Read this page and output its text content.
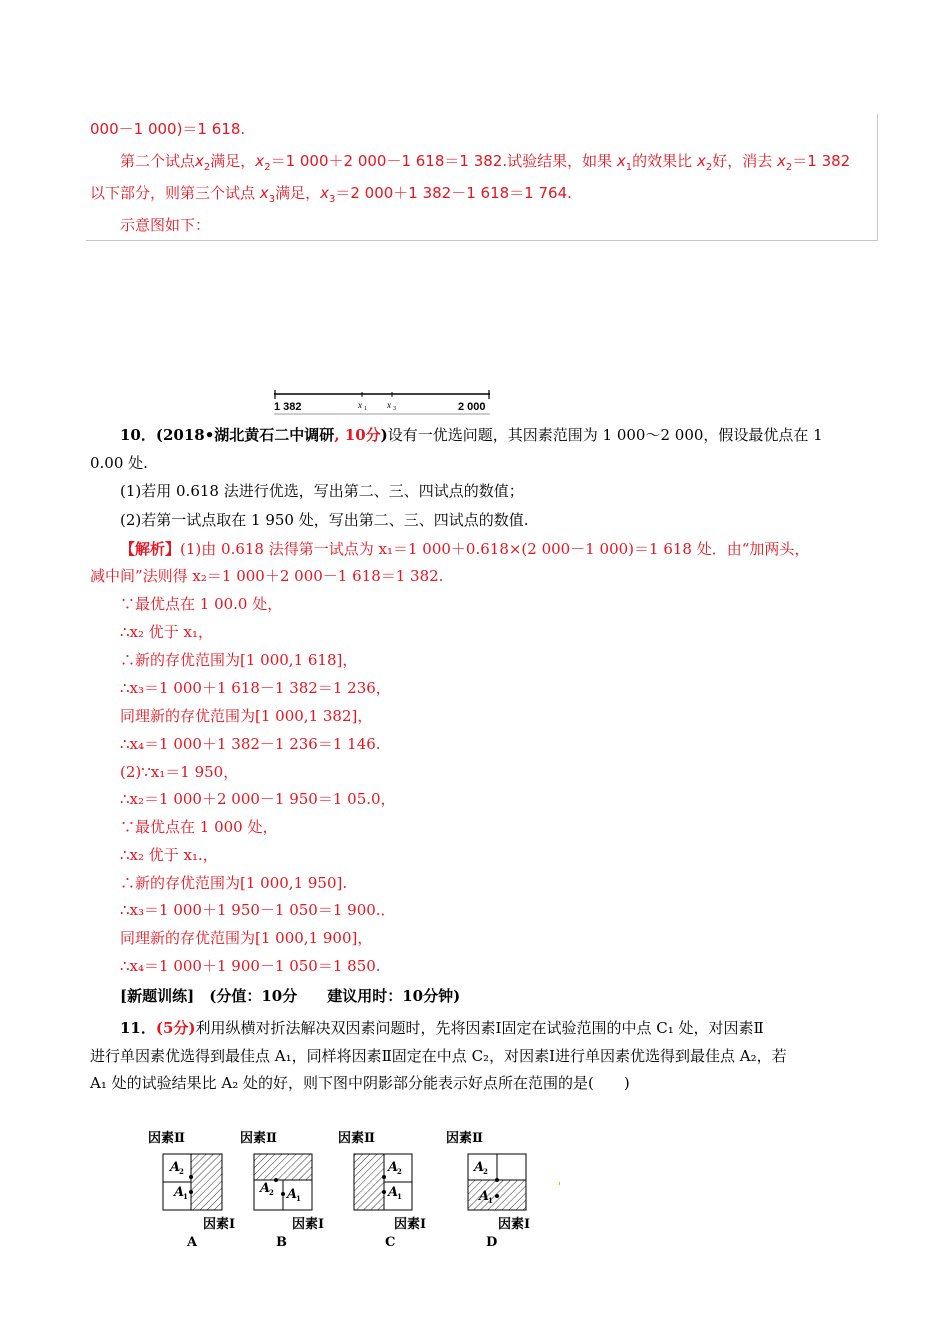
000－1 000)＝1 618.
第二个试点$x_2$满足，$x_2=1$ 000＋2 000－1 618＝1 382.试验结果，如果 $x_1$的效果比 $x_2$好，消去 $x_2=1$ 382
以下部分，则第三个试点 $x_3$满足，$x_3=2$ 000＋1 382－1 618＝1 764.
示意图如下：
1 382	x 1 x 3	2 000
10．(2018•湖北黄石二中调研, 10分)设有一优选问题，其因素范围为 1 000～2 000，假设最优点在 1
0.00 处.
(1)若用 0.618 法进行优选，写出第二、三、四试点的数值；
(2)若第一试点取在 1 950 处，写出第二、三、四试点的数值.
【解析】(1)由 0.618 法得第一试点为 x₁＝1 000＋0.618×(2 000－1 000)＝1 618 处．由“加两头，
减中间”法则得 x₂＝1 000＋2 000－1 618＝1 382.
∵最优点在 1 00.0 处，
∴x₂ 优于 x₁，
∴新的存优范围为[1 000,1 618]，
∴x₃＝1 000＋1 618－1 382＝1 236，
同理新的存优范围为[1 000,1 382]，
∴x₄＝1 000＋1 382－1 236＝1 146.
(2)∵x₁＝1 950，
∴x₂＝1 000＋2 000－1 950＝1 05.0，
∵最优点在 1 000 处，
∴x₂ 优于 x₁.，
∴新的存优范围为[1 000,1 950].
∴x₃＝1 000＋1 950－1 050＝1 900.．
同理新的存优范围为[1 000,1 900]，
∴x₄＝1 000＋1 900－1 050＝1 850.
[新题训练]　 (分值：10分　　 建议用时：10分钟)
11．(5分)利用纵横对折法解决双因素问题时，先将因素Ⅰ固定在试验范围的中点 C₁ 处，对因素Ⅱ
进行单因素优选得到最佳点 A₁，同样将因素Ⅱ固定在中点 C₂，对因素Ⅰ进行单因素优选得到最佳点 A₂，若
A₁ 处的试验结果比 A₂ 处的好，则下图中阴影部分能表示好点所在范围的是(　　)
因素Ⅱ
A
2
A
1
因素Ⅰ
A
因素Ⅱ
A
2 A
1
因素Ⅰ
B
因素Ⅱ
A
2
A
1
因素Ⅰ
C
因素Ⅱ
A
2
A
1
因素Ⅰ
D
